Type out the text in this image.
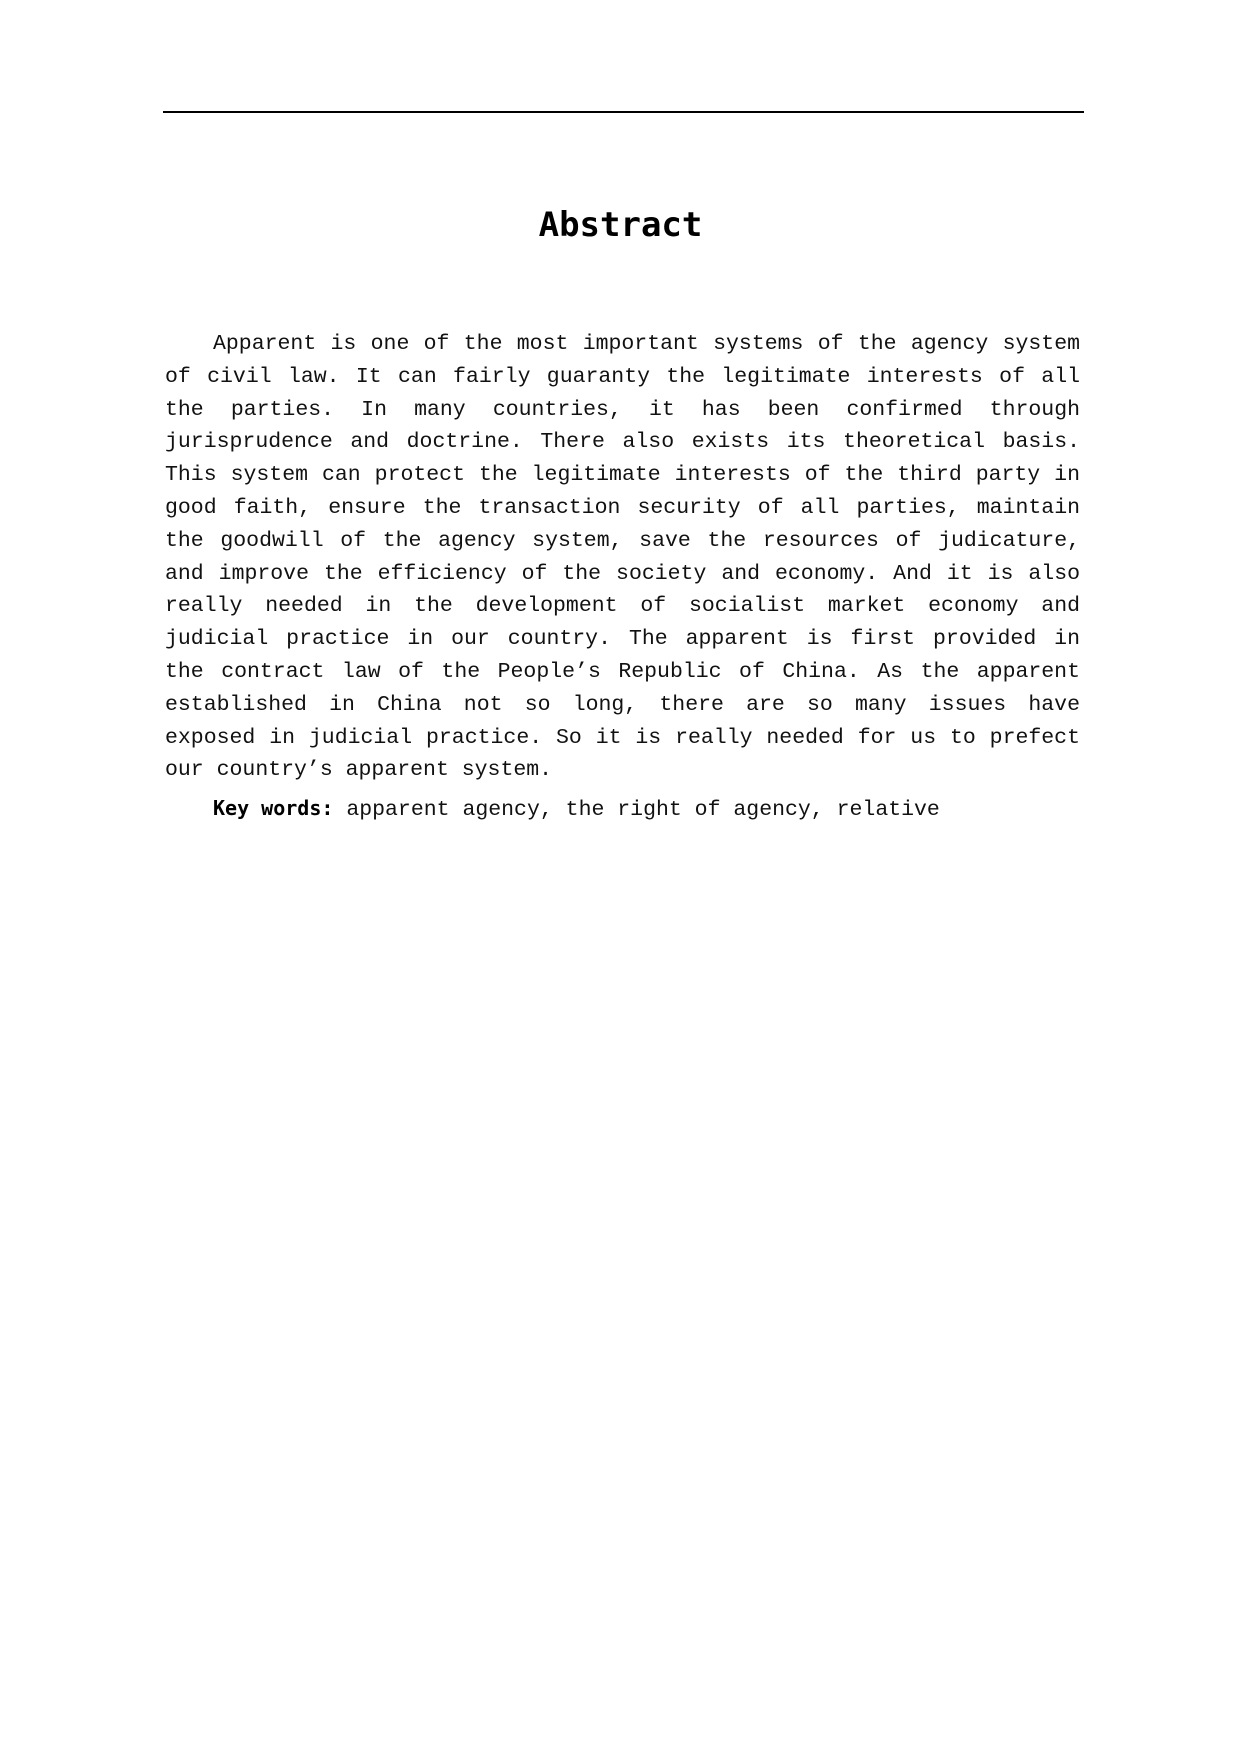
Abstract

Apparent is one of the most important systems of the agency system of civil law. It can fairly guaranty the legitimate interests of all the parties. In many countries, it has been confirmed through jurisprudence and doctrine. There also exists its theoretical basis. This system can protect the legitimate interests of the third party in good faith, ensure the transaction security of all parties, maintain the goodwill of the agency system, save the resources of judicature, and improve the efficiency of the society and economy. And it is also really needed in the development of socialist market economy and judicial practice in our country. The apparent is first provided in the contract law of the People’s Republic of China. As the apparent established in China not so long, there are so many issues have exposed in judicial practice. So it is really needed for us to prefect our country’s apparent system.

Key words: apparent agency, the right of agency, relative
